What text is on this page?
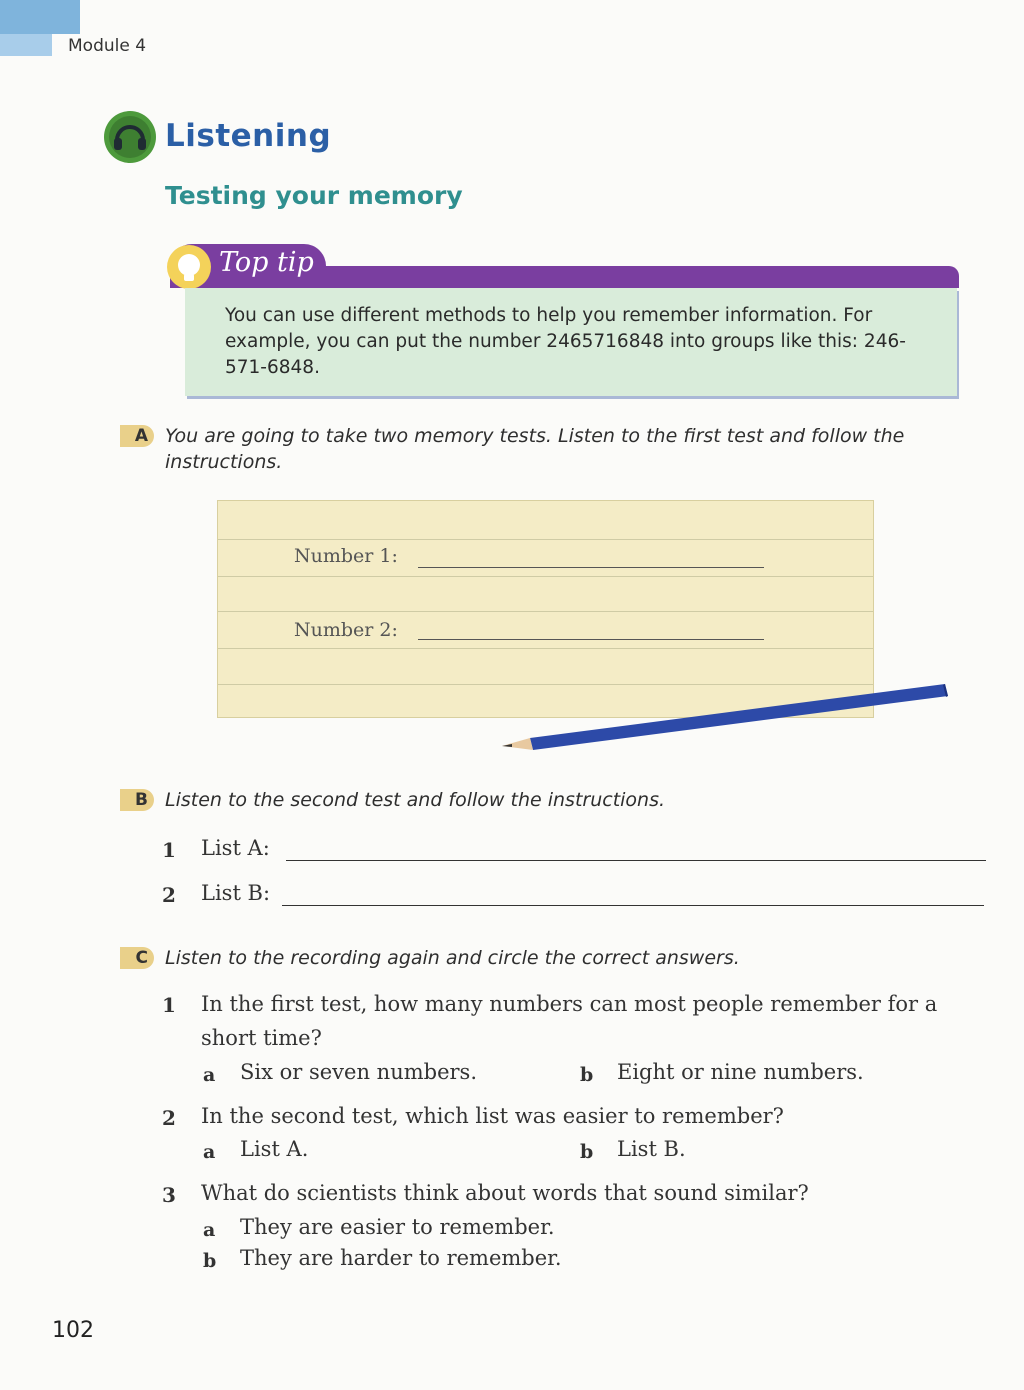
Module 4
Listening
Testing your memory
Top tip
You can use different methods to help you remember information. For example, you can put the number 2465716848 into groups like this: 246-571-6848.
A You are going to take two memory tests. Listen to the first test and follow the instructions.
Number 1:
Number 2:
B Listen to the second test and follow the instructions.
1 List A:
2 List B:
C Listen to the recording again and circle the correct answers.
1 In the first test, how many numbers can most people remember for a short time?
a Six or seven numbers.	b Eight or nine numbers.
2 In the second test, which list was easier to remember?
a List A.	b List B.
3 What do scientists think about words that sound similar?
a They are easier to remember.
b They are harder to remember.
102
